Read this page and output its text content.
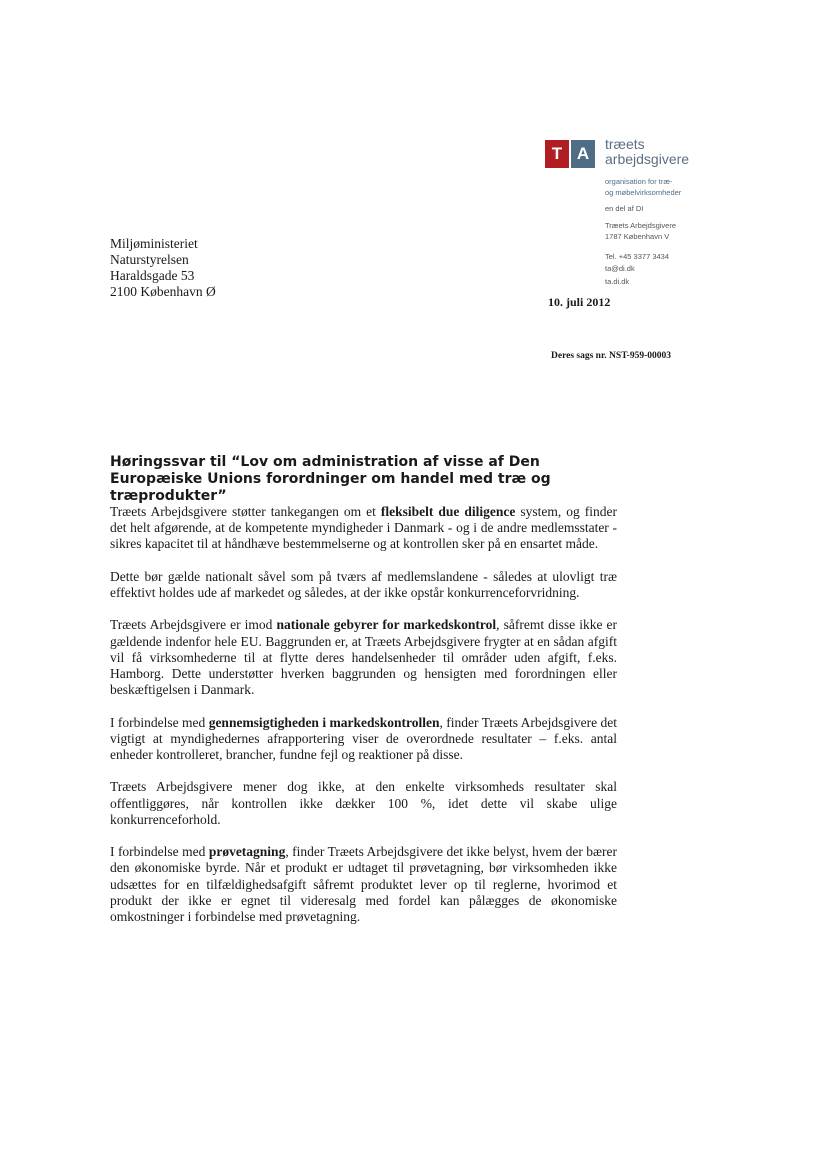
T A	træets
arbejdsgivere
organisation for træ-
og møbelvirksomheder
en del af DI
Træets Arbejdsgivere
1787 København V
Tel. +45 3377 3434
ta@di.dk
ta.di.dk
Miljøministeriet
Naturstyrelsen
Haraldsgade 53
2100 København Ø
10. juli 2012
Deres sags nr. NST-959-00003
Høringssvar til “Lov om administration af visse af Den Europæiske Unions forordninger om handel med træ og træprodukter”

Træets Arbejdsgivere støtter tankegangen om et fleksibelt due diligence system, og finder det helt afgørende, at de kompetente myndigheder i Danmark - og i de andre medlemsstater - sikres kapacitet til at håndhæve bestemmelserne og at kontrollen sker på en ensartet måde.

Dette bør gælde nationalt såvel som på tværs af medlemslandene - således at ulovligt træ effektivt holdes ude af markedet og således, at der ikke opstår konkurrenceforvridning.

Træets Arbejdsgivere er imod nationale gebyrer for markedskontrol, såfremt disse ikke er gældende indenfor hele EU. Baggrunden er, at Træets Arbejdsgivere frygter at en sådan afgift vil få virksomhederne til at flytte deres handelsenheder til områder uden afgift, f.eks. Hamborg. Dette understøtter hverken baggrunden og hensigten med forordningen eller beskæftigelsen i Danmark.

I forbindelse med gennemsigtigheden i markedskontrollen, finder Træets Arbejdsgivere det vigtigt at myndighedernes afrapportering viser de overordnede resultater – f.eks. antal enheder kontrolleret, brancher, fundne fejl og reaktioner på disse.

Træets Arbejdsgivere mener dog ikke, at den enkelte virksomheds resultater skal offentliggøres, når kontrollen ikke dækker 100 %, idet dette vil skabe ulige konkurrenceforhold.

I forbindelse med prøvetagning, finder Træets Arbejdsgivere det ikke belyst, hvem der bærer den økonomiske byrde. Når et produkt er udtaget til prøvetagning, bør virksomheden ikke udsættes for en tilfældighedsafgift såfremt produktet lever op til reglerne, hvorimod et produkt der ikke er egnet til videresalg med fordel kan pålægges de økonomiske omkostninger i forbindelse med prøvetagning.
